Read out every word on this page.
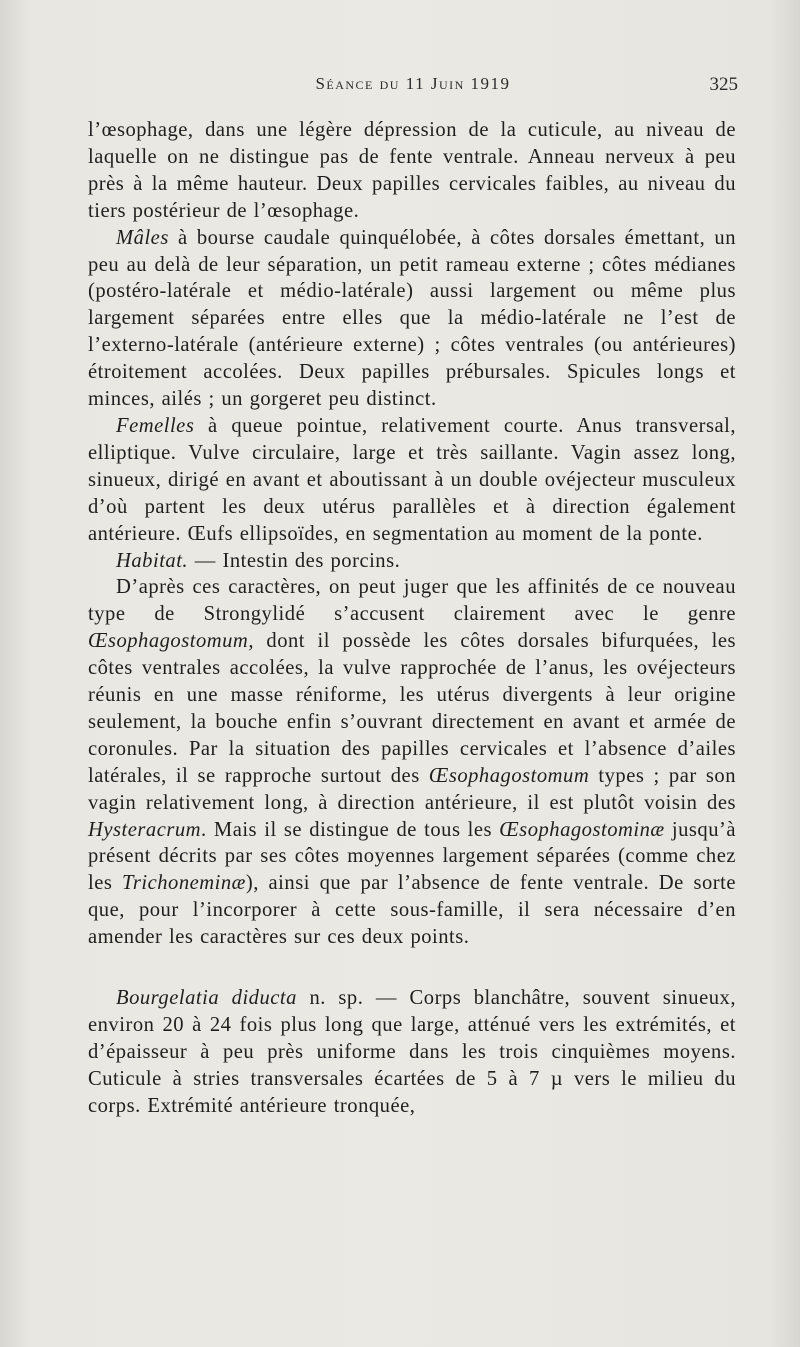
Séance du 11 Juin 1919	325

l’œsophage, dans une légère dépression de la cuticule, au niveau de laquelle on ne distingue pas de fente ventrale. Anneau nerveux à peu près à la même hauteur. Deux papilles cervicales faibles, au niveau du tiers postérieur de l’œsophage.

Mâles à bourse caudale quinquélobée, à côtes dorsales émettant, un peu au delà de leur séparation, un petit rameau externe ; côtes médianes (postéro-latérale et médio-latérale) aussi largement ou même plus largement séparées entre elles que la médio-latérale ne l’est de l’externo-latérale (antérieure externe) ; côtes ventrales (ou antérieures) étroitement accolées. Deux papilles prébursales. Spicules longs et minces, ailés ; un gorgeret peu distinct.

Femelles à queue pointue, relativement courte. Anus transversal, elliptique. Vulve circulaire, large et très saillante. Vagin assez long, sinueux, dirigé en avant et aboutissant à un double ovéjecteur musculeux d’où partent les deux utérus parallèles et à direction également antérieure. Œufs ellipsoïdes, en segmentation au moment de la ponte.

Habitat. — Intestin des porcins.

D’après ces caractères, on peut juger que les affinités de ce nouveau type de Strongylidé s’accusent clairement avec le genre Œsophagostomum, dont il possède les côtes dorsales bifurquées, les côtes ventrales accolées, la vulve rapprochée de l’anus, les ovéjecteurs réunis en une masse réniforme, les utérus divergents à leur origine seulement, la bouche enfin s’ouvrant directement en avant et armée de coronules. Par la situation des papilles cervicales et l’absence d’ailes latérales, il se rapproche surtout des Œsophagostomum types ; par son vagin relativement long, à direction antérieure, il est plutôt voisin des Hysteracrum. Mais il se distingue de tous les Œsophagostominæ jusqu’à présent décrits par ses côtes moyennes largement séparées (comme chez les Trichoneminæ), ainsi que par l’absence de fente ventrale. De sorte que, pour l’incorporer à cette sous-famille, il sera nécessaire d’en amender les caractères sur ces deux points.

Bourgelatia diducta n. sp. — Corps blanchâtre, souvent sinueux, environ 20 à 24 fois plus long que large, atténué vers les extrémités, et d’épaisseur à peu près uniforme dans les trois cinquièmes moyens. Cuticule à stries transversales écartées de 5 à 7 µ vers le milieu du corps. Extrémité antérieure tronquée,
